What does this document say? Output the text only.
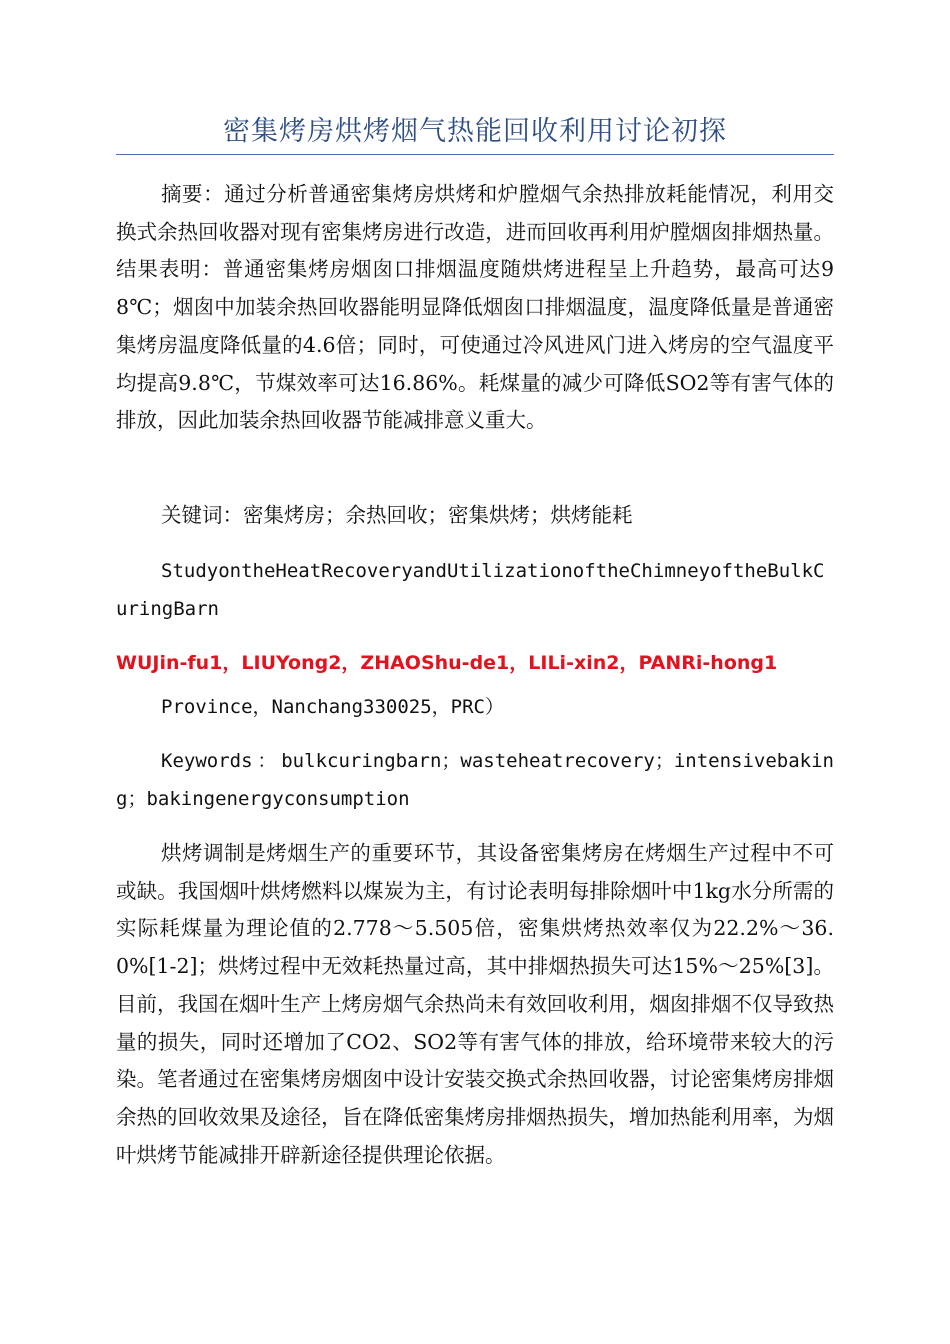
密集烤房烘烤烟气热能回收利用讨论初探
摘要：通过分析普通密集烤房烘烤和炉膛烟气余热排放耗能情况，利用交换式余热回收器对现有密集烤房进行改造，进而回收再利用炉膛烟囱排烟热量。结果表明：普通密集烤房烟囱口排烟温度随烘烤进程呈上升趋势，最高可达98℃；烟囱中加装余热回收器能明显降低烟囱口排烟温度，温度降低量是普通密集烤房温度降低量的4.6倍；同时，可使通过冷风进风门进入烤房的空气温度平均提高9.8℃，节煤效率可达16.86%。耗煤量的减少可降低SO2等有害气体的排放，因此加装余热回收器节能减排意义重大。
关键词：密集烤房；余热回收；密集烘烤；烘烤能耗
StudyontheHeatRecoveryandUtilizationoftheChimneyoftheBulkCuringBarn
WUJin-fu1，LIUYong2，ZHAOShu-de1，LILi-xin2，PANRi-hong1
Province，Nanchang330025，PRC）
Keywords：bulkcuringbarn；wasteheatrecovery；intensivebaking；bakingenergyconsumption
烘烤调制是烤烟生产的重要环节，其设备密集烤房在烤烟生产过程中不可或缺。我国烟叶烘烤燃料以煤炭为主，有讨论表明每排除烟叶中1kg水分所需的实际耗煤量为理论值的2.778～5.505倍，密集烘烤热效率仅为22.2%～36.0%[1-2]；烘烤过程中无效耗热量过高，其中排烟热损失可达15%～25%[3]。目前，我国在烟叶生产上烤房烟气余热尚未有效回收利用，烟囱排烟不仅导致热量的损失，同时还增加了CO2、SO2等有害气体的排放，给环境带来较大的污染。笔者通过在密集烤房烟囱中设计安装交换式余热回收器，讨论密集烤房排烟余热的回收效果及途径，旨在降低密集烤房排烟热损失，增加热能利用率，为烟叶烘烤节能减排开辟新途径提供理论依据。
